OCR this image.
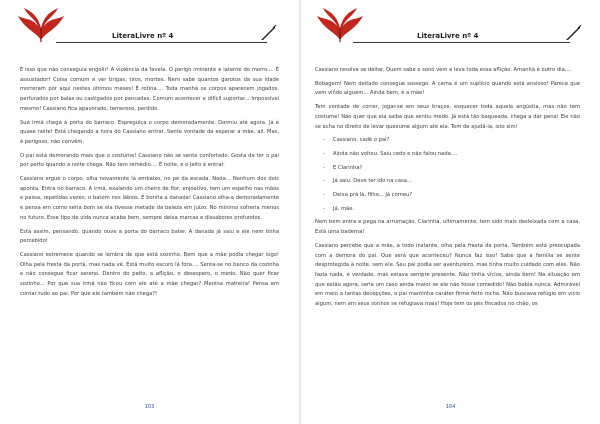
LiteraLivre nº 4

É isso que não conseguia engolir! A violência da favela. O perigo iminente e latente do morro.... É assustador! Coisa comum é ver brigas, tiros, mortes. Nem sabe quantos garotos da sua idade morreram por aqui nestes últimos meses! É rotina.... Toda manhã os corpos aparecem jogados, perfurados por balas ou castigados por pancadas. Comum acontecer e difícil suportar... Impossível mesmo! Cassiano fica apavorado, temeroso, perdido.

Sua irmã chega à porta do barraco. Espreguiça o corpo demoradamente. Dormiu até agora. Já é quase noite! Está chegando a hora do Cassiano entrar. Sente vontade de esperar a mãe, ali. Mas, é perigoso, não convém.

O pai está demorando mais que o costume! Cassiano não se sente confortado. Gosta de ter o pai por perto quando a noite chega. Não tem remédio.... É noite, e o jeito é entrar.

Cassiano ergue o corpo, olha novamente lá embaixo, no pé da escada. Nada... Nenhum dos dois aponta. Entra no barraco. A irmã, exalando um cheiro de flor, enjoativo, tem um espelho nas mãos e passa, repetidas vezes, o batom nos lábios. É bonita a danada! Cassiano olha-a demoradamente e pensa em como seria bom se ela tivesse metade da beleza em juízo. No mínimo sofreria menos no futuro. Esse tipo de vida nunca acaba bem, sempre deixa marcas e dissabores profundos.

Está assim, pensando, quando ouve a porta do barraco bater. A danada já saiu e ele nem tinha percebido!

Cassiano estremece quando se lembra de que está sozinho. Bem que a mãe podia chegar logo! Olha pela fresta da porta, mas nada vê. Está muito escuro lá fora.... Senta-se no banco da cozinha e não consegue ficar sereno. Dentro do peito, a aflição, o desespero, o medo. Não quer ficar sozinho... Por que sua irmã não ficou com ele até a mãe chegar? Menina matreira! Pensa em contar tudo ao pai. Por que ele também não chega?!

103
LiteraLivre nº 4

Cassiano resolve se deitar. Quem sabe o sono vem e leva toda essa aflição. Amanhã é outro dia....

Bobagem! Nem deitado consegue sossego. A cama é um suplício quando está ansioso! Parece que vem vindo alguém... Ainda bem, é a mãe!

Tem vontade de correr, jogar-se em seus braços, esquecer toda aquela angústia, mas não tem costume! Não quer que ela saiba que sentiu medo. Já está tão baqueada, chega a dar pena! Ele não se acha no direito de levar quexume algum até ela. Tem de ajudá-la, isto sim!

- Cassiano, cadê o pai?

- Ainda não voltou. Saiu cedo e não falou nada....

- E Clarinha?

- Já saiu. Deve ter ido na casa...

- Deixa prá lá, filho... Já comeu?

- Já, mãe.

Nem bem entra e pega na arrumação. Clarinha, ultimamente, tem sido mais desleixada com a casa. Está uma baderna!

Cassiano percebe que a mãe, a todo instante, olha pela fresta da porta. Também está preocupada com a demora do pai. Que será que aconteceu? Nunca faz isso! Sabe que a família se sente desprotegida à noite, sem ele. Seu pai podia ser aventureiro, mas tinha muito cuidado com eles. Não fazia nada, é verdade, mas estava sempre presente. Não tinha vícios, ainda bem! Na situação em que estão agora, seria um caso ainda maior se ele não fosse comedido! Não bebia nunca. Admirável em meio a tantas decepções, o pai mantinha caráter firme feito rocha. Não buscava refúgio em vício algum, nem em seus sonhos se refugiava mais! Hoje tem os pés fincados no chão, os

104
